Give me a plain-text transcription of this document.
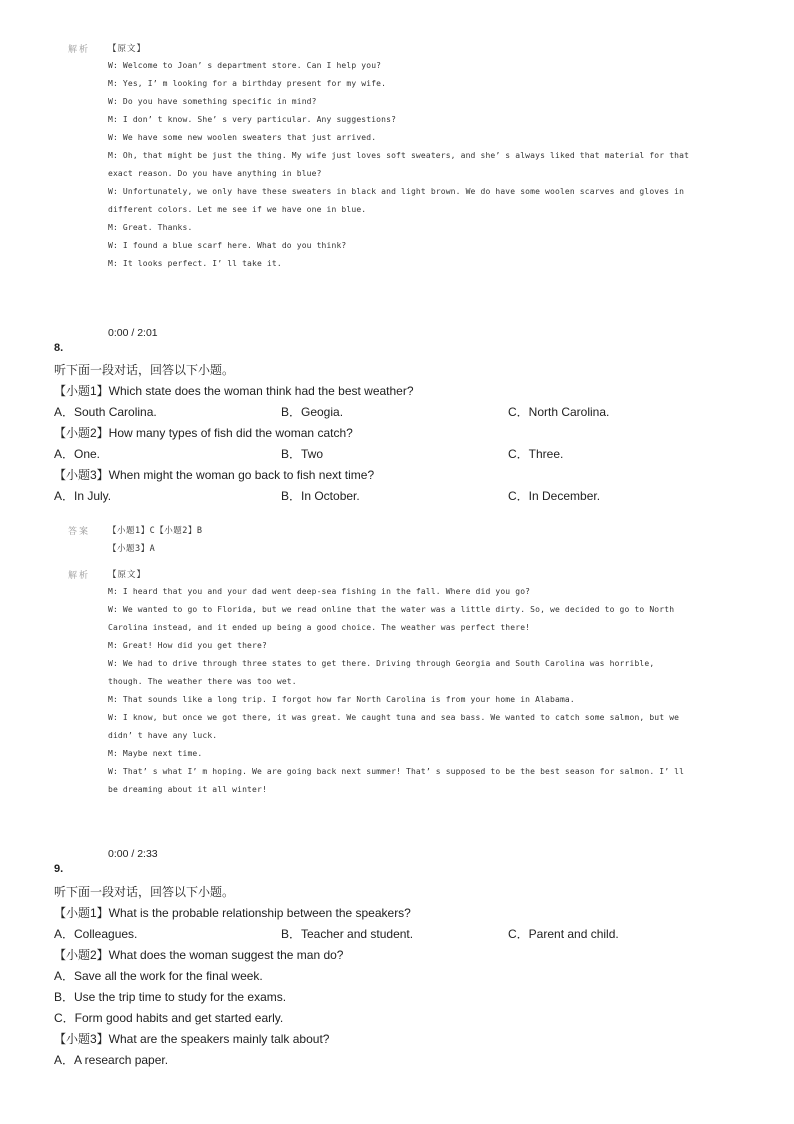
解析 【原文】
W: Welcome to Joan’ s department store. Can I help you?
M: Yes, I’ m looking for a birthday present for my wife.
W: Do you have something specific in mind?
M: I don’ t know. She’ s very particular. Any suggestions?
W: We have some new woolen sweaters that just arrived.
M: Oh, that might be just the thing. My wife just loves soft sweaters, and she’ s always liked that material for that
exact reason. Do you have anything in blue?
W: Unfortunately, we only have these sweaters in black and light brown. We do have some woolen scarves and gloves in
different colors. Let me see if we have one in blue.
M: Great. Thanks.
W: I found a blue scarf here. What do you think?
M: It looks perfect. I’ ll take it.
0:00 / 2:01
8.
听下面一段对话，回答以下小题。
【小题1】Which state does the woman think had the best weather?
A．South Carolina.	B．Geogia.	C．North Carolina.
【小题2】How many types of fish did the woman catch?
A．One.	B．Two	C．Three.
【小题3】When might the woman go back to fish next time?
A．In July.	B．In October.	C．In December.
答案 【小题1】C【小题2】B
【小题3】A
解析 【原文】
M: I heard that you and your dad went deep-sea fishing in the fall. Where did you go?
W: We wanted to go to Florida, but we read online that the water was a little dirty. So, we decided to go to North
Carolina instead, and it ended up being a good choice. The weather was perfect there!
M: Great! How did you get there?
W: We had to drive through three states to get there. Driving through Georgia and South Carolina was horrible,
though. The weather there was too wet.
M: That sounds like a long trip. I forgot how far North Carolina is from your home in Alabama.
W: I know, but once we got there, it was great. We caught tuna and sea bass. We wanted to catch some salmon, but we
didn’ t have any luck.
M: Maybe next time.
W: That’ s what I’ m hoping. We are going back next summer! That’ s supposed to be the best season for salmon. I’ ll
be dreaming about it all winter!
0:00 / 2:33
9.
听下面一段对话，回答以下小题。
【小题1】What is the probable relationship between the speakers?
A．Colleagues.	B．Teacher and student.	C．Parent and child.
【小题2】What does the woman suggest the man do?
A．Save all the work for the final week.
B．Use the trip time to study for the exams.
C．Form good habits and get started early.
【小题3】What are the speakers mainly talk about?
A．A research paper.
